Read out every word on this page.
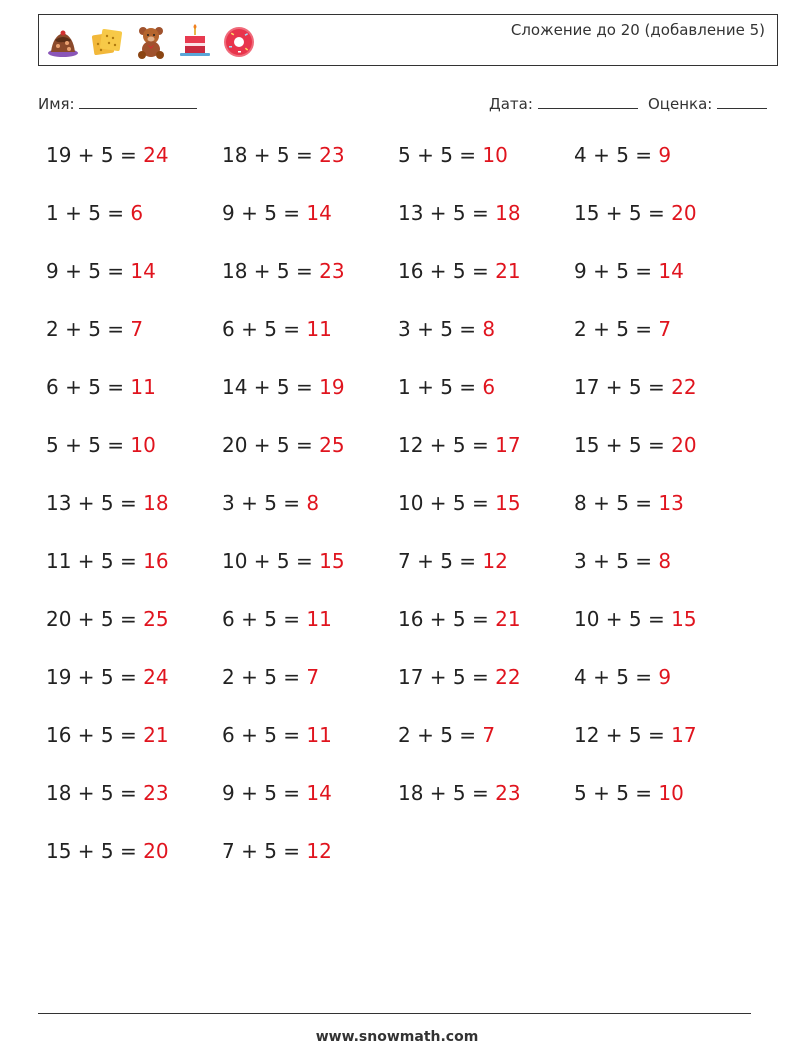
Сложение до 20 (добавление 5)
Имя:	Дата:	Оценка:
19 + 5 = 24	18 + 5 = 23	5 + 5 = 10	4 + 5 = 9
1 + 5 = 6	9 + 5 = 14	13 + 5 = 18	15 + 5 = 20
9 + 5 = 14	18 + 5 = 23	16 + 5 = 21	9 + 5 = 14
2 + 5 = 7	6 + 5 = 11	3 + 5 = 8	2 + 5 = 7
6 + 5 = 11	14 + 5 = 19	1 + 5 = 6	17 + 5 = 22
5 + 5 = 10	20 + 5 = 25	12 + 5 = 17	15 + 5 = 20
13 + 5 = 18	3 + 5 = 8	10 + 5 = 15	8 + 5 = 13
11 + 5 = 16	10 + 5 = 15	7 + 5 = 12	3 + 5 = 8
20 + 5 = 25	6 + 5 = 11	16 + 5 = 21	10 + 5 = 15
19 + 5 = 24	2 + 5 = 7	17 + 5 = 22	4 + 5 = 9
16 + 5 = 21	6 + 5 = 11	2 + 5 = 7	12 + 5 = 17
18 + 5 = 23	9 + 5 = 14	18 + 5 = 23	5 + 5 = 10
15 + 5 = 20	7 + 5 = 12
www.snowmath.com
